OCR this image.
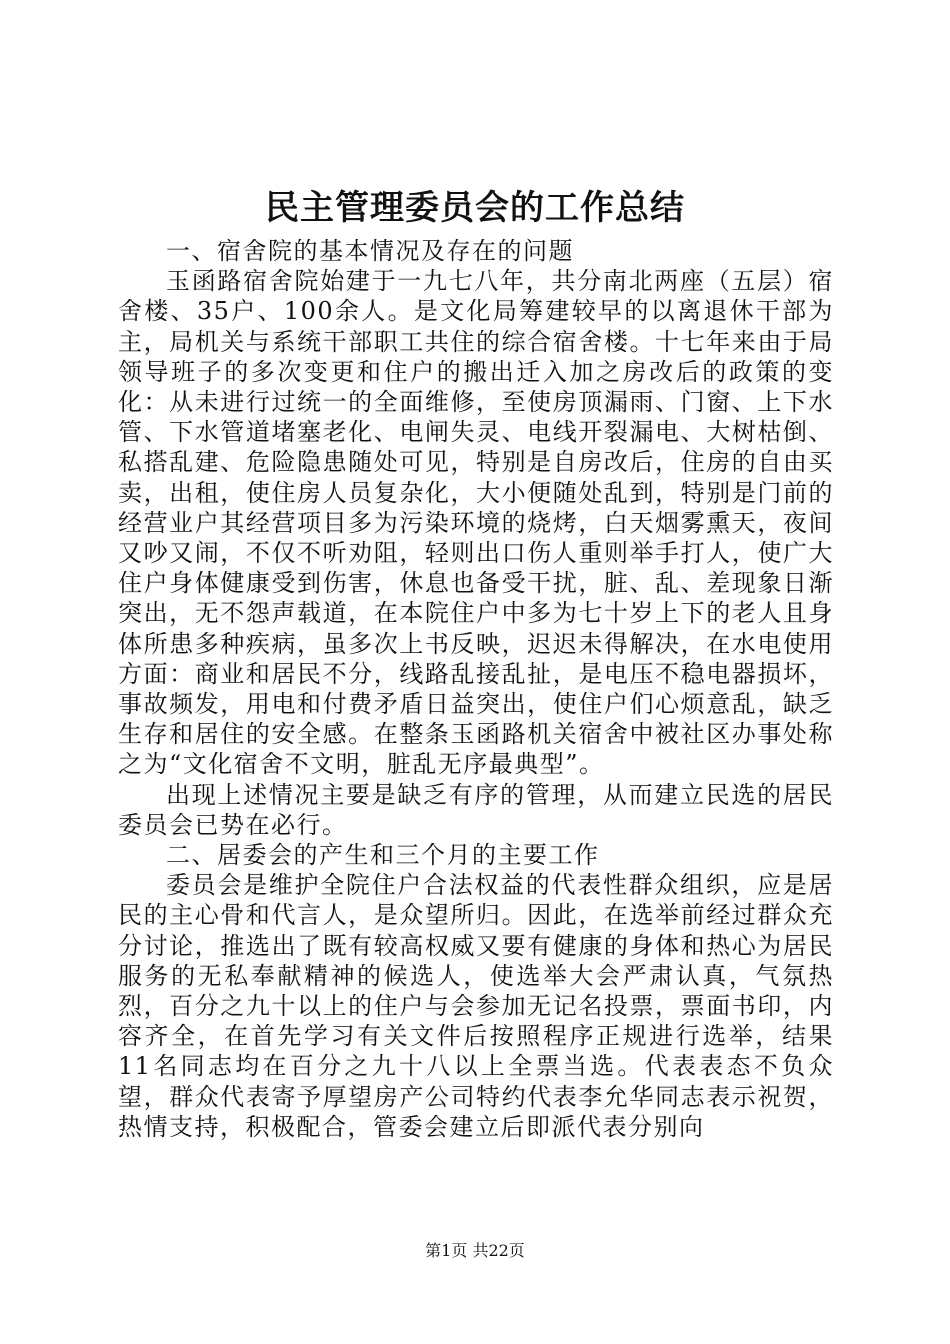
民主管理委员会的工作总结

一、宿舍院的基本情况及存在的问题

玉函路宿舍院始建于一九七八年，共分南北两座（五层）宿舍楼、35户、100余人。是文化局筹建较早的以离退休干部为主，局机关与系统干部职工共住的综合宿舍楼。十七年来由于局领导班子的多次变更和住户的搬出迁入加之房改后的政策的变化：从未进行过统一的全面维修，至使房顶漏雨、门窗、上下水管、下水管道堵塞老化、电闸失灵、电线开裂漏电、大树枯倒、私搭乱建、危险隐患随处可见，特别是自房改后，住房的自由买卖，出租，使住房人员复杂化，大小便随处乱到，特别是门前的经营业户其经营项目多为污染环境的烧烤，白天烟雾熏天，夜间又吵又闹，不仅不听劝阻，轻则出口伤人重则举手打人，使广大住户身体健康受到伤害，休息也备受干扰，脏、乱、差现象日渐突出，无不怨声载道，在本院住户中多为七十岁上下的老人且身体所患多种疾病，虽多次上书反映，迟迟未得解决，在水电使用方面：商业和居民不分，线路乱接乱扯，是电压不稳电器损坏，事故频发，用电和付费矛盾日益突出，使住户们心烦意乱，缺乏生存和居住的安全感。在整条玉函路机关宿舍中被社区办事处称之为“文化宿舍不文明，脏乱无序最典型”。

出现上述情况主要是缺乏有序的管理，从而建立民选的居民委员会已势在必行。

二、居委会的产生和三个月的主要工作

委员会是维护全院住户合法权益的代表性群众组织，应是居民的主心骨和代言人，是众望所归。因此，在选举前经过群众充分讨论，推选出了既有较高权威又要有健康的身体和热心为居民服务的无私奉献精神的候选人，使选举大会严肃认真，气氛热烈，百分之九十以上的住户与会参加无记名投票，票面书印，内容齐全，在首先学习有关文件后按照程序正规进行选举，结果11名同志均在百分之九十八以上全票当选。代表表态不负众望，群众代表寄予厚望房产公司特约代表李允华同志表示祝贺，热情支持，积极配合，管委会建立后即派代表分别向

第1页 共22页
